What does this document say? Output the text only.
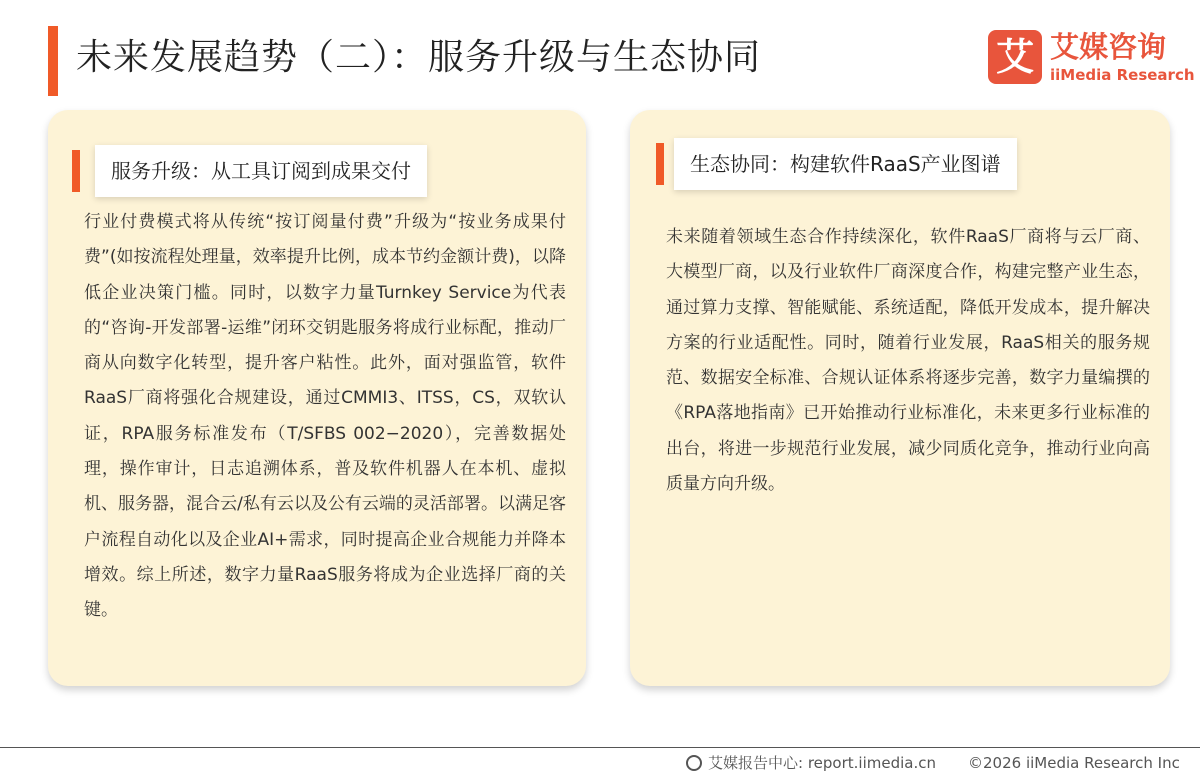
未来发展趋势（二）：服务升级与生态协同	艾 艾媒咨询
iiMedia Research
服务升级：从工具订阅到成果交付

行业付费模式将从传统“按订阅量付费”升级为“按业务成果付费”(如按流程处理量，效率提升比例，成本节约金额计费)，以降低企业决策门槛。同时，以数字力量Turnkey Service为代表的“咨询-开发部署-运维”闭环交钥匙服务将成行业标配，推动厂商从向数字化转型，提升客户粘性。此外，面对强监管，软件RaaS厂商将强化合规建设，通过CMMI3、ITSS，CS，双软认证，RPA服务标准发布（T/SFBS 002−2020），完善数据处理，操作审计，日志追溯体系，普及软件机器人在本机、虚拟机、服务器，混合云/私有云以及公有云端的灵活部署。以满足客户流程自动化以及企业AI+需求，同时提高企业合规能力并降本增效。综上所述，数字力量RaaS服务将成为企业选择厂商的关键。

生态协同：构建软件RaaS产业图谱

未来随着领域生态合作持续深化，软件RaaS厂商将与云厂商、大模型厂商，以及行业软件厂商深度合作，构建完整产业生态，通过算力支撑、智能赋能、系统适配，降低开发成本，提升解决方案的行业适配性。同时，随着行业发展，RaaS相关的服务规范、数据安全标准、合规认证体系将逐步完善，数字力量编撰的《RPA落地指南》已开始推动行业标准化，未来更多行业标准的出台，将进一步规范行业发展，减少同质化竞争，推动行业向高质量方向升级。

艾媒报告中心: report.iimedia.cn ©2026 iiMedia Research Inc
